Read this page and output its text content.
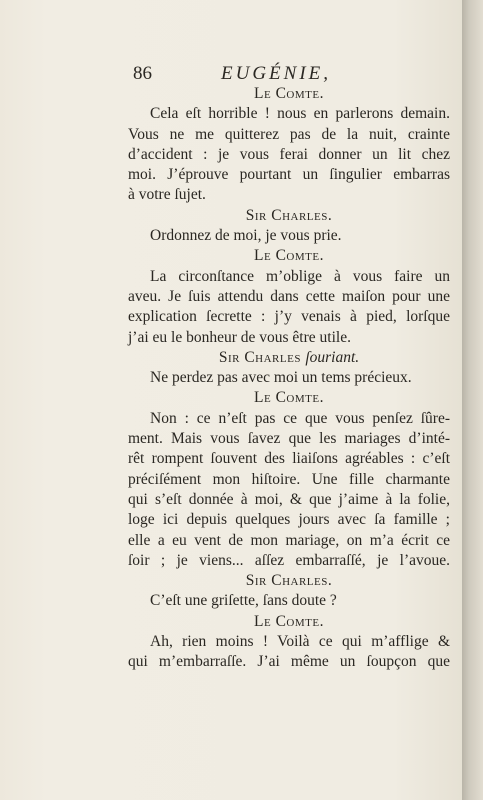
86	EUGÉNIE,
Le Comte.
Cela eſt horrible ! nous en parlerons demain.
Vous ne me quitterez pas de la nuit, crainte
d’accident : je vous ferai donner un lit chez
moi. J’éprouve pourtant un ſingulier embarras
à votre ſujet.
Sir Charles.
Ordonnez de moi, je vous prie.
Le Comte.
La circonſtance m’oblige à vous faire un
aveu. Je ſuis attendu dans cette maiſon pour une
explication ſecrette : j’y venais à pied, lorſque
j’ai eu le bonheur de vous être utile.
Sir Charles ſouriant.
Ne perdez pas avec moi un tems précieux.
Le Comte.
Non : ce n’eſt pas ce que vous penſez ſûre-
ment. Mais vous ſavez que les mariages d’inté-
rêt rompent ſouvent des liaiſons agréables : c’eſt
préciſément mon hiſtoire. Une fille charmante
qui s’eſt donnée à moi, & que j’aime à la folie,
loge ici depuis quelques jours avec ſa famille ;
elle a eu vent de mon mariage, on m’a écrit ce
ſoir ; je viens... aſſez embarraſſé, je l’avoue.
Sir Charles.
C’eſt une griſette, ſans doute ?
Le Comte.
Ah, rien moins ! Voilà ce qui m’afflige &
qui m’embarraſſe. J’ai même un ſoupçon que
